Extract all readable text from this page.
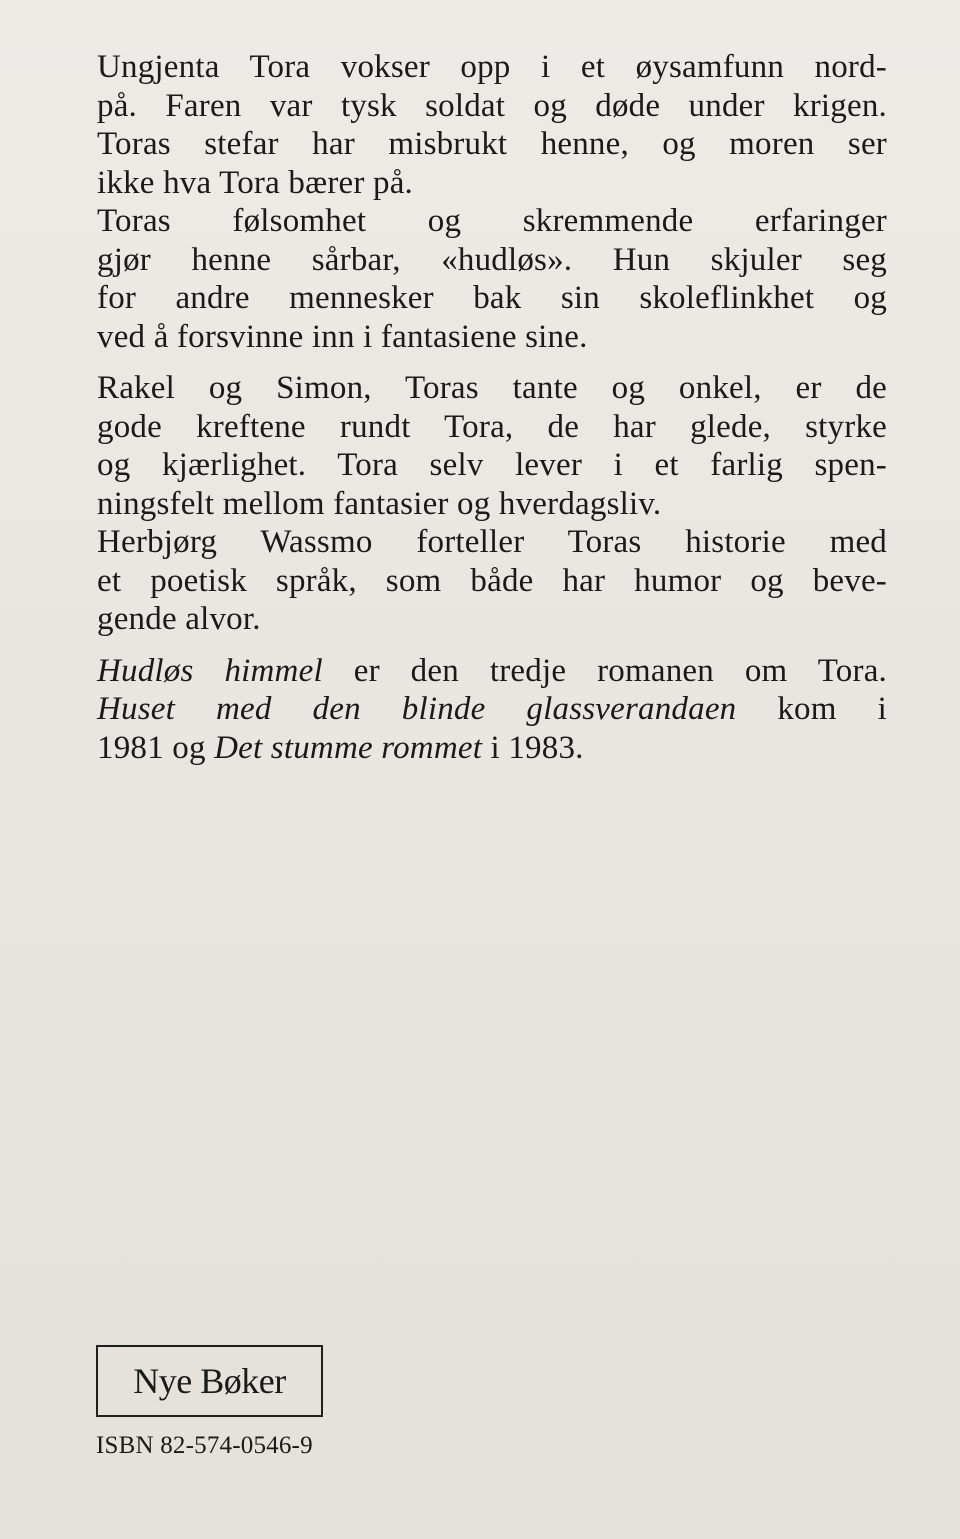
Ungjenta Tora vokser opp i et øysamfunn nord-
på. Faren var tysk soldat og døde under krigen.
Toras stefar har misbrukt henne, og moren ser
ikke hva Tora bærer på.
Toras følsomhet og skremmende erfaringer
gjør henne sårbar, «hudløs». Hun skjuler seg
for andre mennesker bak sin skoleflinkhet og
ved å forsvinne inn i fantasiene sine.

Rakel og Simon, Toras tante og onkel, er de
gode kreftene rundt Tora, de har glede, styrke
og kjærlighet. Tora selv lever i et farlig spen-
ningsfelt mellom fantasier og hverdagsliv.
Herbjørg Wassmo forteller Toras historie med
et poetisk språk, som både har humor og beve-
gende alvor.

Hudløs himmel er den tredje romanen om Tora.
Huset med den blinde glassverandaen kom i
1981 og Det stumme rommet i 1983.

Nye Bøker
ISBN 82-574-0546-9
